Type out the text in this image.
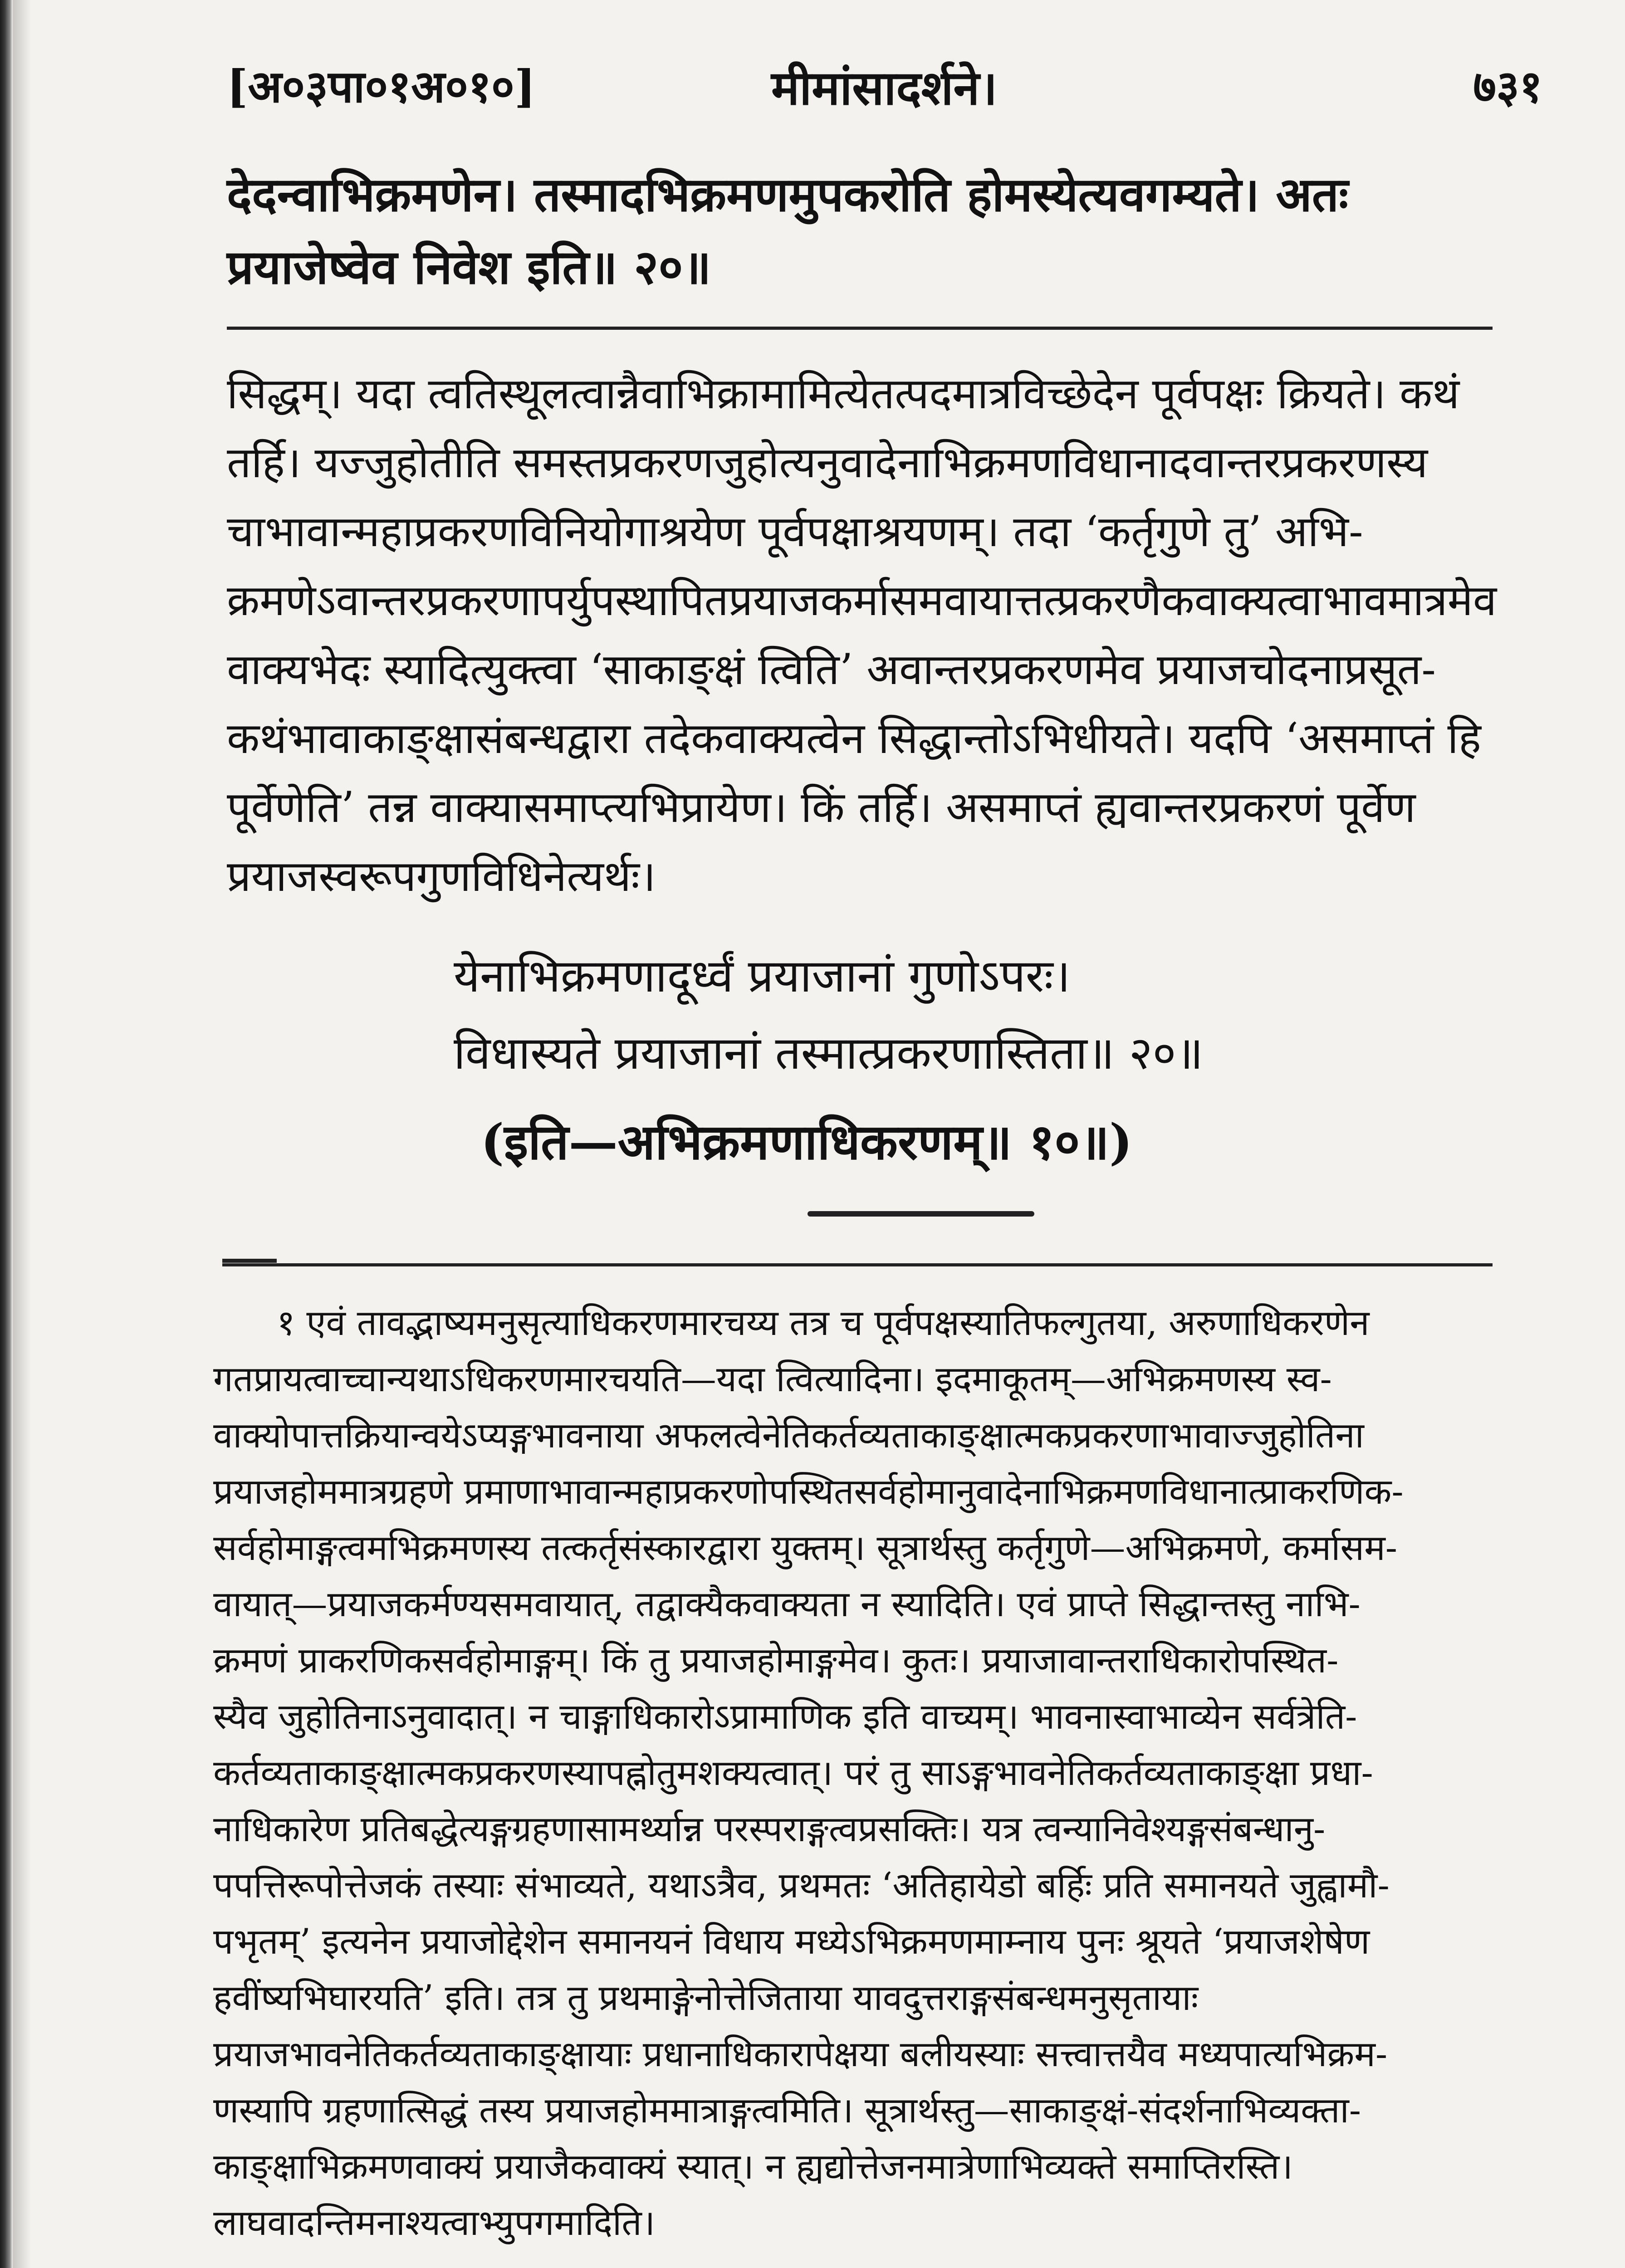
[अ०३पा०१अ०१०]	मीमांसादर्शने।	७३१
देदन्वाभिक्रमणेन। तस्मादभिक्रमणमुपकरोति होमस्येत्यवगम्यते। अतः
प्रयाजेष्वेव निवेश इति॥ २०॥
सिद्धम्। यदा त्वतिस्थूलत्वान्नैवाभिक्रामामित्येतत्पदमात्रविच्छेदेन पूर्वपक्षः क्रियते। कथं
तर्हि। यज्जुहोतीति समस्तप्रकरणजुहोत्यनुवादेनाभिक्रमणविधानादवान्तरप्रकरणस्य
चाभावान्महाप्रकरणविनियोगाश्रयेण पूर्वपक्षाश्रयणम्। तदा ‘कर्तृगुणे तु’ अभि-
क्रमणेऽवान्तरप्रकरणापर्युपस्थापितप्रयाजकर्मासमवायात्तत्प्रकरणैकवाक्यत्वाभावमात्रमेव
वाक्यभेदः स्यादित्युक्त्वा ‘साकाङ्क्षं त्विति’ अवान्तरप्रकरणमेव प्रयाजचोदनाप्रसूत-
कथंभावाकाङ्क्षासंबन्धद्वारा तदेकवाक्यत्वेन सिद्धान्तोऽभिधीयते। यदपि ‘असमाप्तं हि
पूर्वेणेति’ तन्न वाक्यासमाप्त्यभिप्रायेण। किं तर्हि। असमाप्तं ह्यवान्तरप्रकरणं पूर्वेण
प्रयाजस्वरूपगुणविधिनेत्यर्थः।
येनाभिक्रमणादूर्ध्वं प्रयाजानां गुणोऽपरः।
विधास्यते प्रयाजानां तस्मात्प्रकरणास्तिता॥ २०॥
(इति—अभिक्रमणाधिकरणम्॥ १०॥)
१ एवं तावद्भाष्यमनुसृत्याधिकरणमारचय्य तत्र च पूर्वपक्षस्यातिफल्गुतया, अरुणाधिकरणेन
गतप्रायत्वाच्चान्यथाऽधिकरणमारचयति—यदा त्वित्यादिना। इदमाकूतम्—अभिक्रमणस्य स्व-
वाक्योपात्तक्रियान्वयेऽप्यङ्गभावनाया अफलत्वेनेतिकर्तव्यताकाङ्क्षात्मकप्रकरणाभावाज्जुहोतिना
प्रयाजहोममात्रग्रहणे प्रमाणाभावान्महाप्रकरणोपस्थितसर्वहोमानुवादेनाभिक्रमणविधानात्प्राकरणिक-
सर्वहोमाङ्गत्वमभिक्रमणस्य तत्कर्तृसंस्कारद्वारा युक्तम्। सूत्रार्थस्तु कर्तृगुणे—अभिक्रमणे, कर्मासम-
वायात्—प्रयाजकर्मण्यसमवायात्, तद्वाक्यैकवाक्यता न स्यादिति। एवं प्राप्ते सिद्धान्तस्तु नाभि-
क्रमणं प्राकरणिकसर्वहोमाङ्गम्। किं तु प्रयाजहोमाङ्गमेव। कुतः। प्रयाजावान्तराधिकारोपस्थित-
स्यैव जुहोतिनाऽनुवादात्। न चाङ्गाधिकारोऽप्रामाणिक इति वाच्यम्। भावनास्वाभाव्येन सर्वत्रेति-
कर्तव्यताकाङ्क्षात्मकप्रकरणस्यापह्नोतुमशक्यत्वात्। परं तु साऽङ्गभावनेतिकर्तव्यताकाङ्क्षा प्रधा-
नाधिकारेण प्रतिबद्धेत्यङ्गग्रहणासामर्थ्यान्न परस्पराङ्गत्वप्रसक्तिः। यत्र त्वन्यानिवेश्यङ्गसंबन्धानु-
पपत्तिरूपोत्तेजकं तस्याः संभाव्यते, यथाऽत्रैव, प्रथमतः ‘अतिहायेडो बर्हिः प्रति समानयते जुह्वामौ-
पभृतम्’ इत्यनेन प्रयाजोद्देशेन समानयनं विधाय मध्येऽभिक्रमणमाम्नाय पुनः श्रूयते ‘प्रयाजशेषेण
हवींष्यभिघारयति’ इति। तत्र तु प्रथमाङ्गेनोत्तेजिताया यावदुत्तराङ्गसंबन्धमनुसृतायाः
प्रयाजभावनेतिकर्तव्यताकाङ्क्षायाः प्रधानाधिकारापेक्षया बलीयस्याः सत्त्वात्तयैव मध्यपात्यभिक्रम-
णस्यापि ग्रहणात्सिद्धं तस्य प्रयाजहोममात्राङ्गत्वमिति। सूत्रार्थस्तु—साकाङ्क्षं-संदर्शनाभिव्यक्ता-
काङ्क्षाभिक्रमणवाक्यं प्रयाजैकवाक्यं स्यात्। न ह्यद्योत्तेजनमात्रेणाभिव्यक्ते समाप्तिरस्ति।
लाघवादन्तिमनाश्यत्वाभ्युपगमादिति।
